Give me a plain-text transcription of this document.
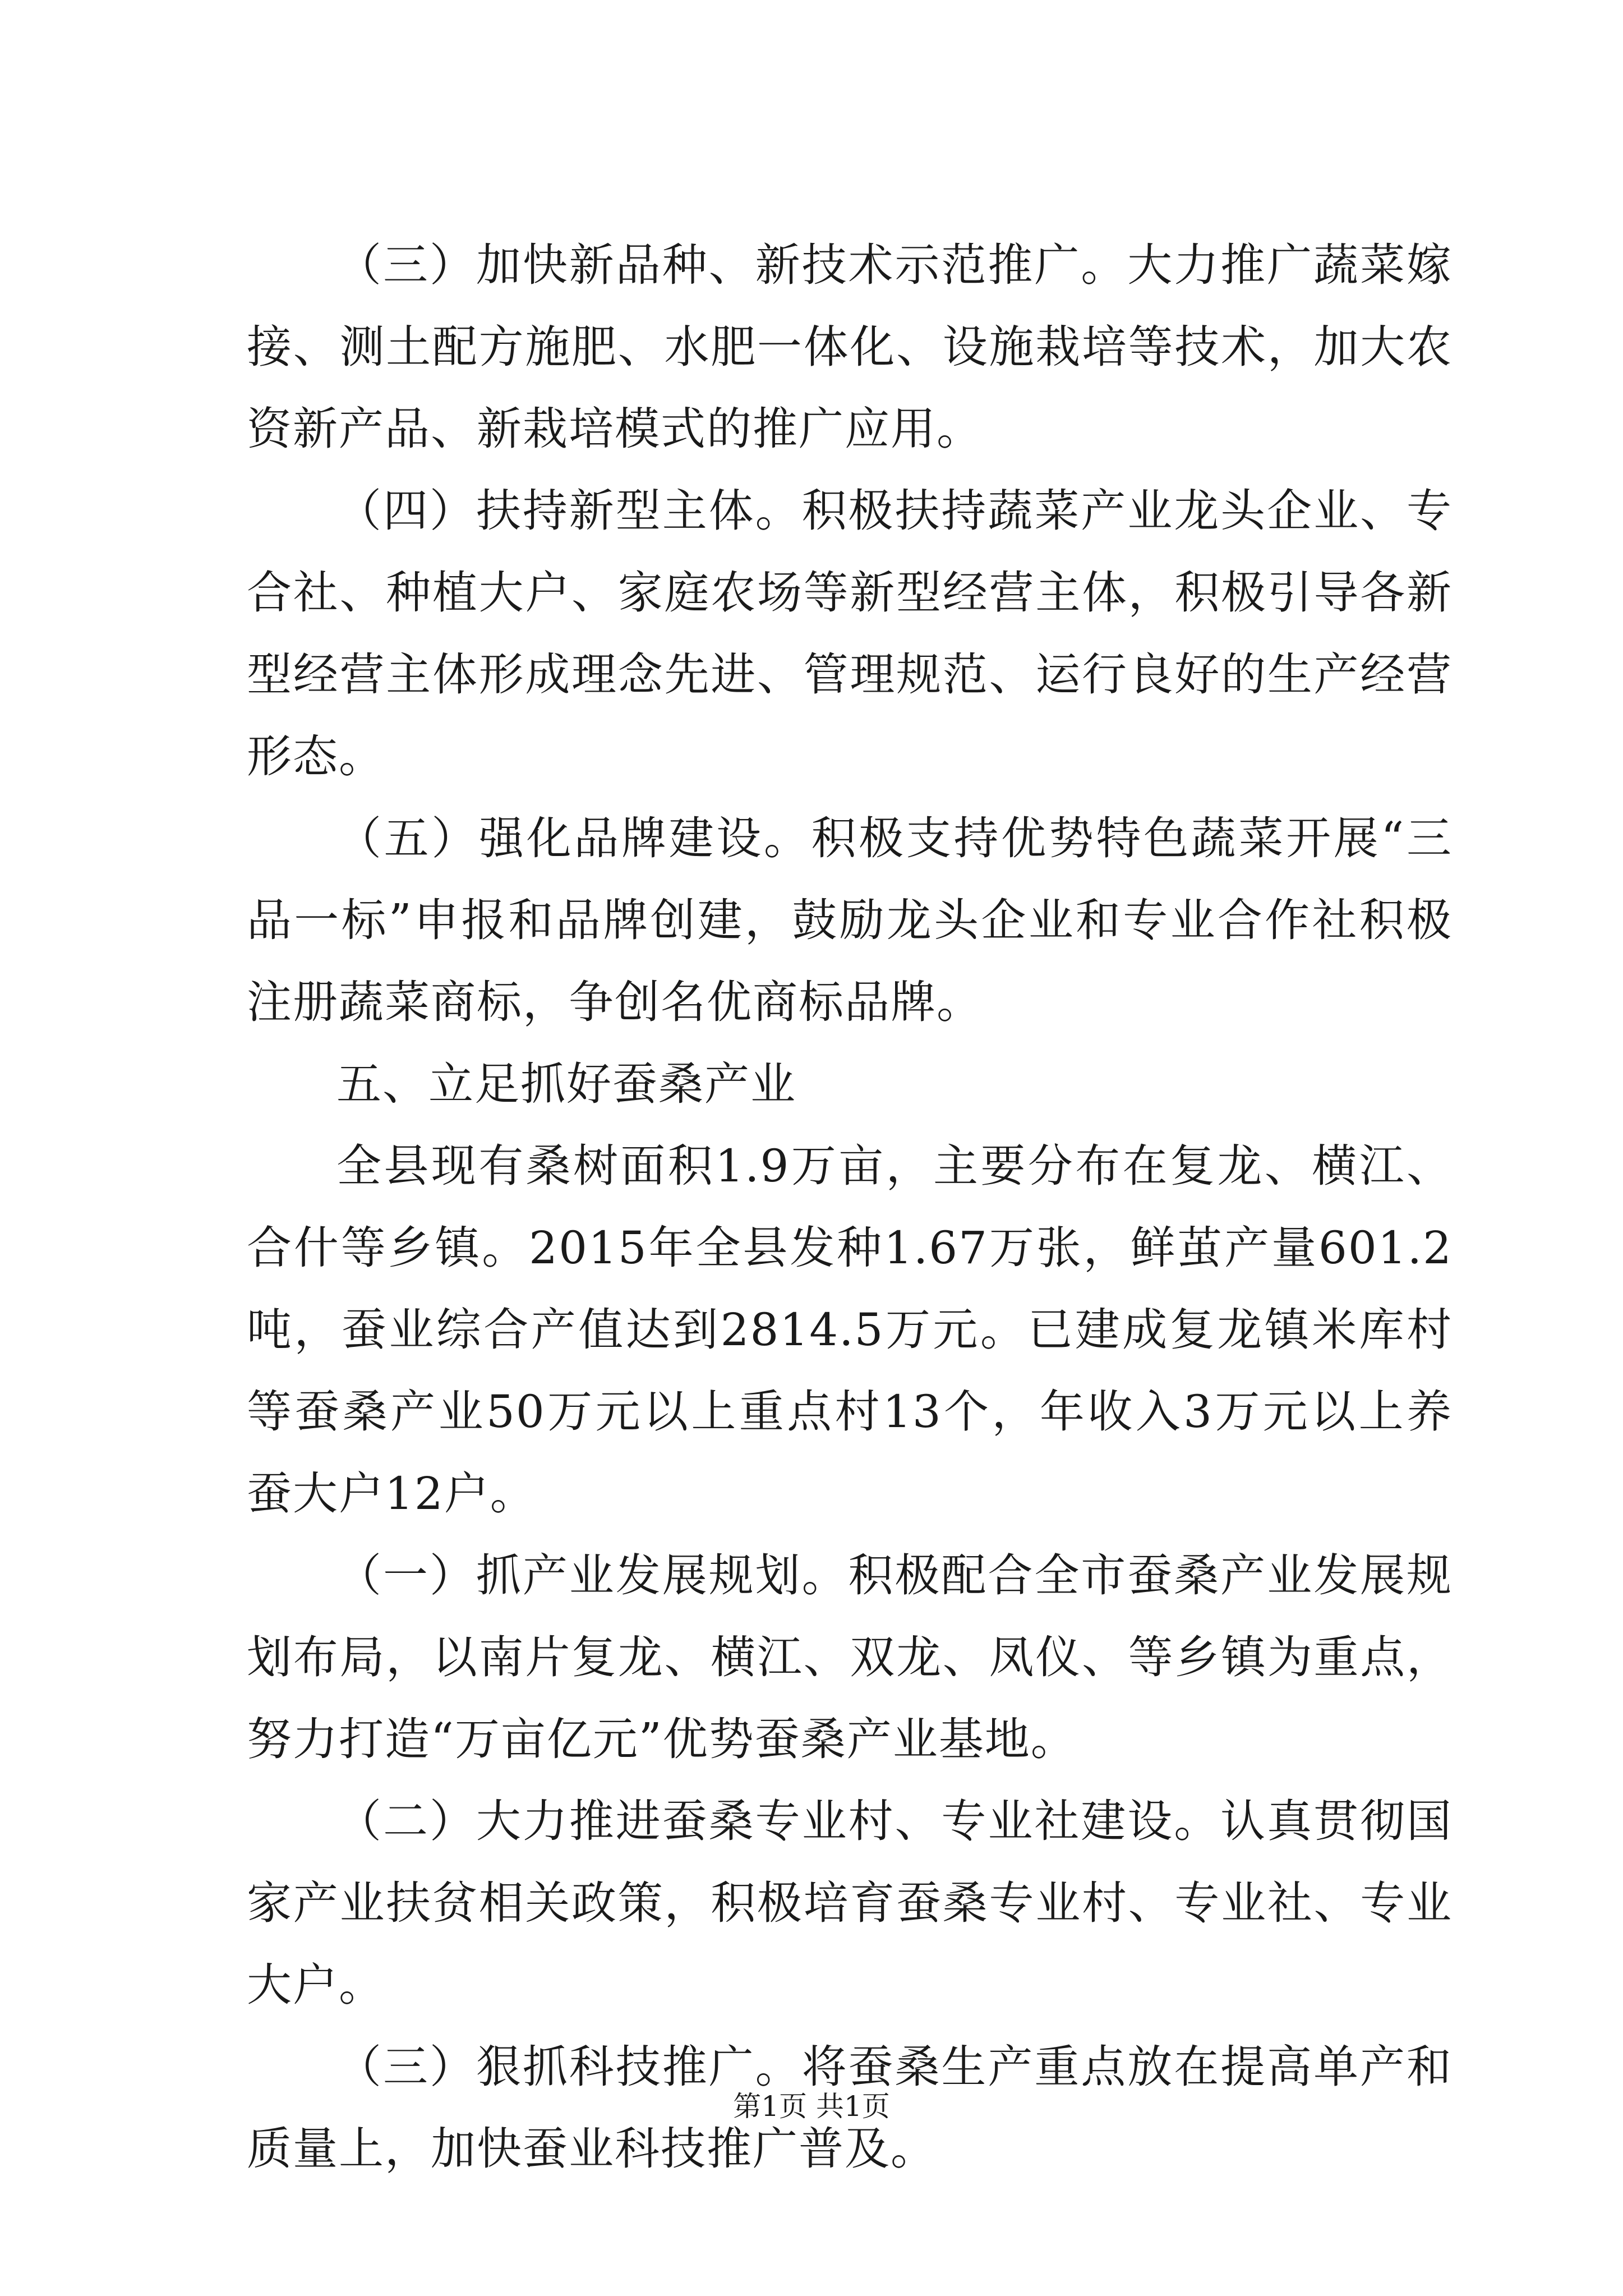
（三）加快新品种、新技术示范推广。大力推广蔬菜嫁接、测土配方施肥、水肥一体化、设施栽培等技术，加大农资新产品、新栽培模式的推广应用。

（四）扶持新型主体。积极扶持蔬菜产业龙头企业、专合社、种植大户、家庭农场等新型经营主体，积极引导各新型经营主体形成理念先进、管理规范、运行良好的生产经营形态。

（五）强化品牌建设。积极支持优势特色蔬菜开展“三品一标”申报和品牌创建，鼓励龙头企业和专业合作社积极注册蔬菜商标，争创名优商标品牌。

五、立足抓好蚕桑产业

全县现有桑树面积1.9万亩，主要分布在复龙、横江、合什等乡镇。2015年全县发种1.67万张，鲜茧产量601.2吨，蚕业综合产值达到2814.5万元。已建成复龙镇米库村等蚕桑产业50万元以上重点村13个，年收入3万元以上养蚕大户12户。

（一）抓产业发展规划。积极配合全市蚕桑产业发展规划布局，以南片复龙、横江、双龙、凤仪、等乡镇为重点，努力打造“万亩亿元”优势蚕桑产业基地。

（二）大力推进蚕桑专业村、专业社建设。认真贯彻国家产业扶贫相关政策，积极培育蚕桑专业村、专业社、专业大户。

（三）狠抓科技推广。将蚕桑生产重点放在提高单产和质量上，加快蚕业科技推广普及。

第1页 共1页
